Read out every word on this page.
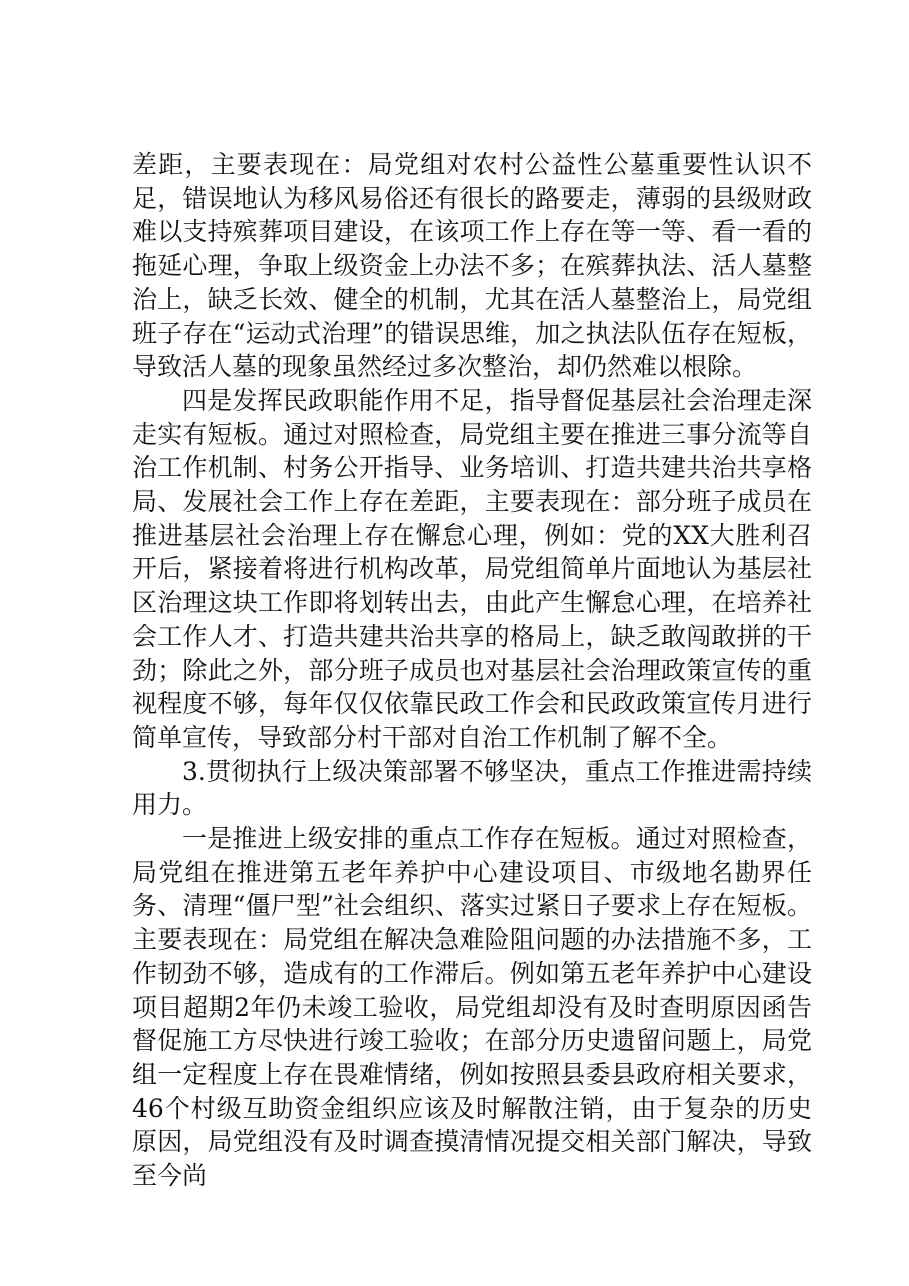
差距，主要表现在：局党组对农村公益性公墓重要性认识不足，错误地认为移风易俗还有很长的路要走，薄弱的县级财政难以支持殡葬项目建设，在该项工作上存在等一等、看一看的拖延心理，争取上级资金上办法不多；在殡葬执法、活人墓整治上，缺乏长效、健全的机制，尤其在活人墓整治上，局党组班子存在“运动式治理”的错误思维，加之执法队伍存在短板，导致活人墓的现象虽然经过多次整治，却仍然难以根除。

四是发挥民政职能作用不足，指导督促基层社会治理走深走实有短板。通过对照检查，局党组主要在推进三事分流等自治工作机制、村务公开指导、业务培训、打造共建共治共享格局、发展社会工作上存在差距，主要表现在：部分班子成员在推进基层社会治理上存在懈怠心理，例如：党的XX大胜利召开后，紧接着将进行机构改革，局党组简单片面地认为基层社区治理这块工作即将划转出去，由此产生懈怠心理，在培养社会工作人才、打造共建共治共享的格局上，缺乏敢闯敢拼的干劲；除此之外，部分班子成员也对基层社会治理政策宣传的重视程度不够，每年仅仅依靠民政工作会和民政政策宣传月进行简单宣传，导致部分村干部对自治工作机制了解不全。

3.贯彻执行上级决策部署不够坚决，重点工作推进需持续用力。

一是推进上级安排的重点工作存在短板。通过对照检查，局党组在推进第五老年养护中心建设项目、市级地名勘界任务、清理“僵尸型”社会组织、落实过紧日子要求上存在短板。主要表现在：局党组在解决急难险阻问题的办法措施不多，工作韧劲不够，造成有的工作滞后。例如第五老年养护中心建设项目超期2年仍未竣工验收，局党组却没有及时查明原因函告督促施工方尽快进行竣工验收；在部分历史遗留问题上，局党组一定程度上存在畏难情绪，例如按照县委县政府相关要求，46个村级互助资金组织应该及时解散注销，由于复杂的历史原因，局党组没有及时调查摸清情况提交相关部门解决，导致至今尚
